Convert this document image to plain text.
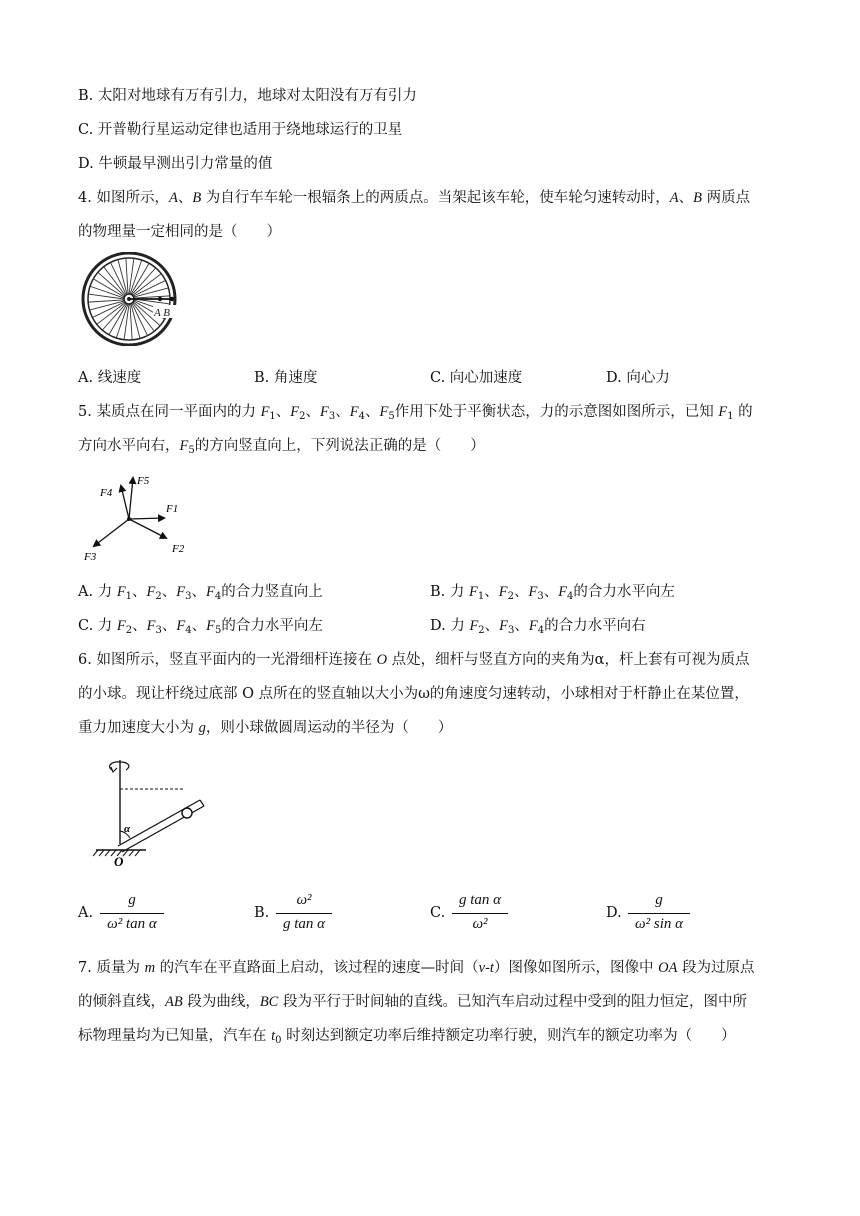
B. 太阳对地球有万有引力，地球对太阳没有万有引力
C. 开普勒行星运动定律也适用于绕地球运行的卫星
D. 牛顿最早测出引力常量的值
4. 如图所示，A、B 为自行车车轮一根辐条上的两质点。当架起该车轮，使车轮匀速转动时，A、B 两质点
的物理量一定相同的是（　　）
A B
A. 线速度	B. 角速度	C. 向心加速度	D. 向心力
5. 某质点在同一平面内的力 $F_1$、$F_2$、$F_3$、$F_4$、$F_5$作用下处于平衡状态，力的示意图如图所示，已知 $F_1$ 的
方向水平向右，$F_5$的方向竖直向上，下列说法正确的是（　　）
F5
F4
F1
F3
F2
A. 力 $F_1$、$F_2$、$F_3$、$F_4$的合力竖直向上	B. 力 $F_1$、$F_2$、$F_3$、$F_4$的合力水平向左
C. 力 $F_2$、$F_3$、$F_4$、$F_5$的合力水平向左	D. 力 $F_2$、$F_3$、$F_4$的合力水平向右
6. 如图所示，竖直平面内的一光滑细杆连接在 O 点处，细杆与竖直方向的夹角为α，杆上套有可视为质点
的小球。现让杆绕过底部 O 点所在的竖直轴以大小为ω的角速度匀速转动，小球相对于杆静止在某位置，
重力加速度大小为 g，则小球做圆周运动的半径为（　　）
α
O
A.
g
ω² tan α
B.
ω²
g tan α
C.
g tan α
ω²
D.
g
ω² sin α
7. 质量为 m 的汽车在平直路面上启动，该过程的速度—时间（v-t）图像如图所示，图像中 OA 段为过原点
的倾斜直线，AB 段为曲线，BC 段为平行于时间轴的直线。已知汽车启动过程中受到的阻力恒定，图中所
标物理量均为已知量，汽车在 $t_0$ 时刻达到额定功率后维持额定功率行驶，则汽车的额定功率为（　　）
